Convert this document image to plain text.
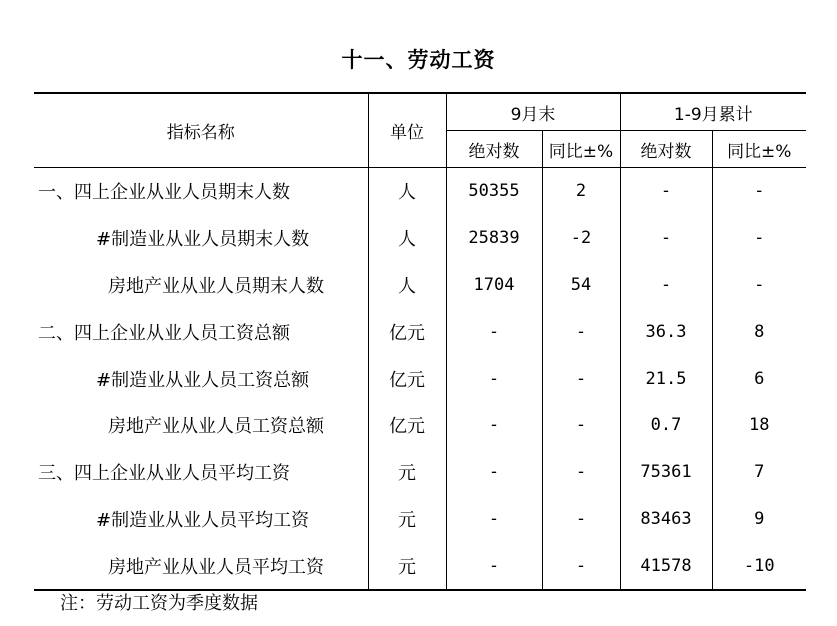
十一、劳动工资
指标名称	单位	9月末		1-9月累计	
		绝对数	同比±%	绝对数	同比±%
一、四上企业从业人员期末人数	人	50355	2	-	-
#制造业从业人员期末人数	人	25839	-2	-	-
房地产业从业人员期末人数	人	1704	54	-	-
二、四上企业从业人员工资总额	亿元	-	-	36.3	8
#制造业从业人员工资总额	亿元	-	-	21.5	6
房地产业从业人员工资总额	亿元	-	-	0.7	18
三、四上企业从业人员平均工资	元	-	-	75361	7
#制造业从业人员平均工资	元	-	-	83463	9
房地产业从业人员平均工资	元	-	-	41578	-10
注：劳动工资为季度数据
